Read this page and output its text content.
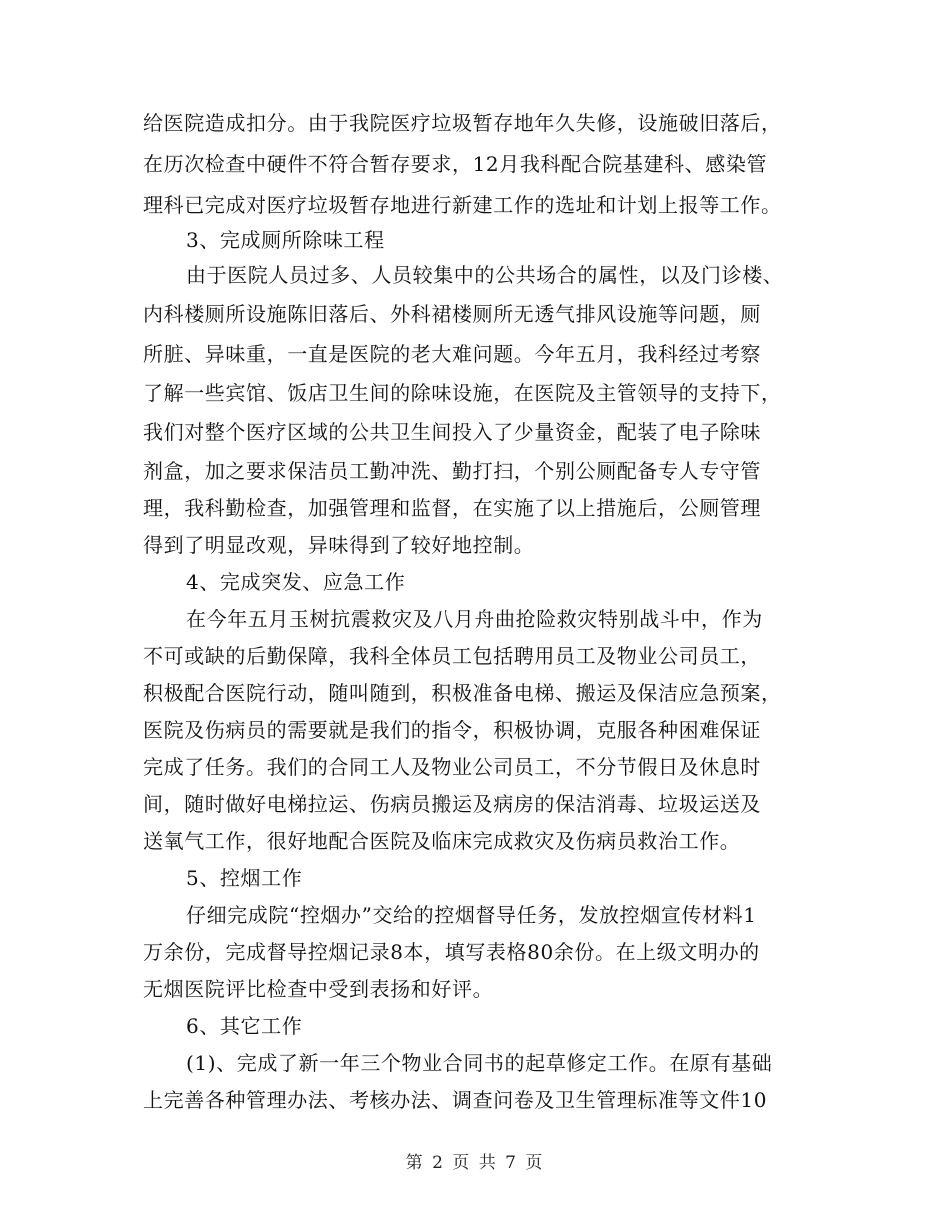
给医院造成扣分。由于我院医疗垃圾暂存地年久失修，设施破旧落后，
在历次检查中硬件不符合暂存要求，12月我科配合院基建科、感染管
理科已完成对医疗垃圾暂存地进行新建工作的选址和计划上报等工作。
3、完成厕所除味工程
由于医院人员过多、人员较集中的公共场合的属性，以及门诊楼、
内科楼厕所设施陈旧落后、外科裙楼厕所无透气排风设施等问题，厕
所脏、异味重，一直是医院的老大难问题。今年五月，我科经过考察
了解一些宾馆、饭店卫生间的除味设施，在医院及主管领导的支持下，
我们对整个医疗区域的公共卫生间投入了少量资金，配装了电子除味
剂盒，加之要求保洁员工勤冲洗、勤打扫，个别公厕配备专人专守管
理，我科勤检查，加强管理和监督，在实施了以上措施后，公厕管理
得到了明显改观，异味得到了较好地控制。
4、完成突发、应急工作
在今年五月玉树抗震救灾及八月舟曲抢险救灾特别战斗中，作为
不可或缺的后勤保障，我科全体员工包括聘用员工及物业公司员工，
积极配合医院行动，随叫随到，积极准备电梯、搬运及保洁应急预案，
医院及伤病员的需要就是我们的指令，积极协调，克服各种困难保证
完成了任务。我们的合同工人及物业公司员工，不分节假日及休息时
间，随时做好电梯拉运、伤病员搬运及病房的保洁消毒、垃圾运送及
送氧气工作，很好地配合医院及临床完成救灾及伤病员救治工作。
5、控烟工作
仔细完成院“控烟办”交给的控烟督导任务，发放控烟宣传材料1
万余份，完成督导控烟记录8本，填写表格80余份。在上级文明办的
无烟医院评比检查中受到表扬和好评。
6、其它工作
(1)、完成了新一年三个物业合同书的起草修定工作。在原有基础
上完善各种管理办法、考核办法、调查问卷及卫生管理标准等文件10
第 2 页 共 7 页
